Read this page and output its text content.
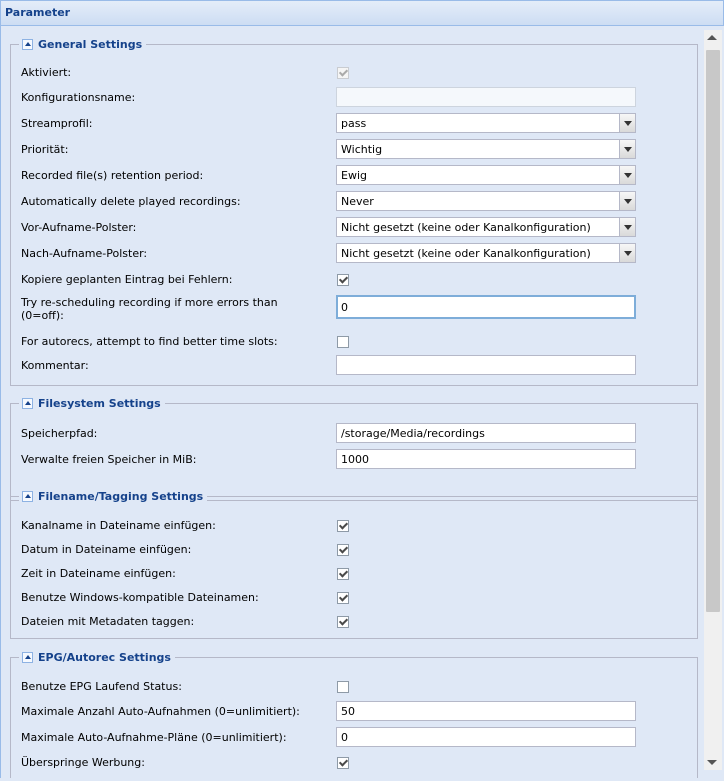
Parameter
General Settings
Aktiviert:
Konfigurationsname:
Streamprofil:	pass
Priorität:	Wichtig
Recorded file(s) retention period:	Ewig
Automatically delete played recordings:	Never
Vor-Aufname-Polster:	Nicht gesetzt (keine oder Kanalkonfiguration)
Nach-Aufname-Polster:	Nicht gesetzt (keine oder Kanalkonfiguration)
Kopiere geplanten Eintrag bei Fehlern:
Try re-scheduling recording if more errors than (0=off):
0
For autorecs, attempt to find better time slots:
Kommentar:
Filesystem Settings
Speicherpfad:
/storage/Media/recordings
Verwalte freien Speicher in MiB:
1000
Filename/Tagging Settings
Kanalname in Dateiname einfügen:
Datum in Dateiname einfügen:
Zeit in Dateiname einfügen:
Benutze Windows-kompatible Dateinamen:
Dateien mit Metadaten taggen:
EPG/Autorec Settings
Benutze EPG Laufend Status:
Maximale Anzahl Auto-Aufnahmen (0=unlimitiert):
50
Maximale Auto-Aufnahme-Pläne (0=unlimitiert):
0
Überspringe Werbung:
